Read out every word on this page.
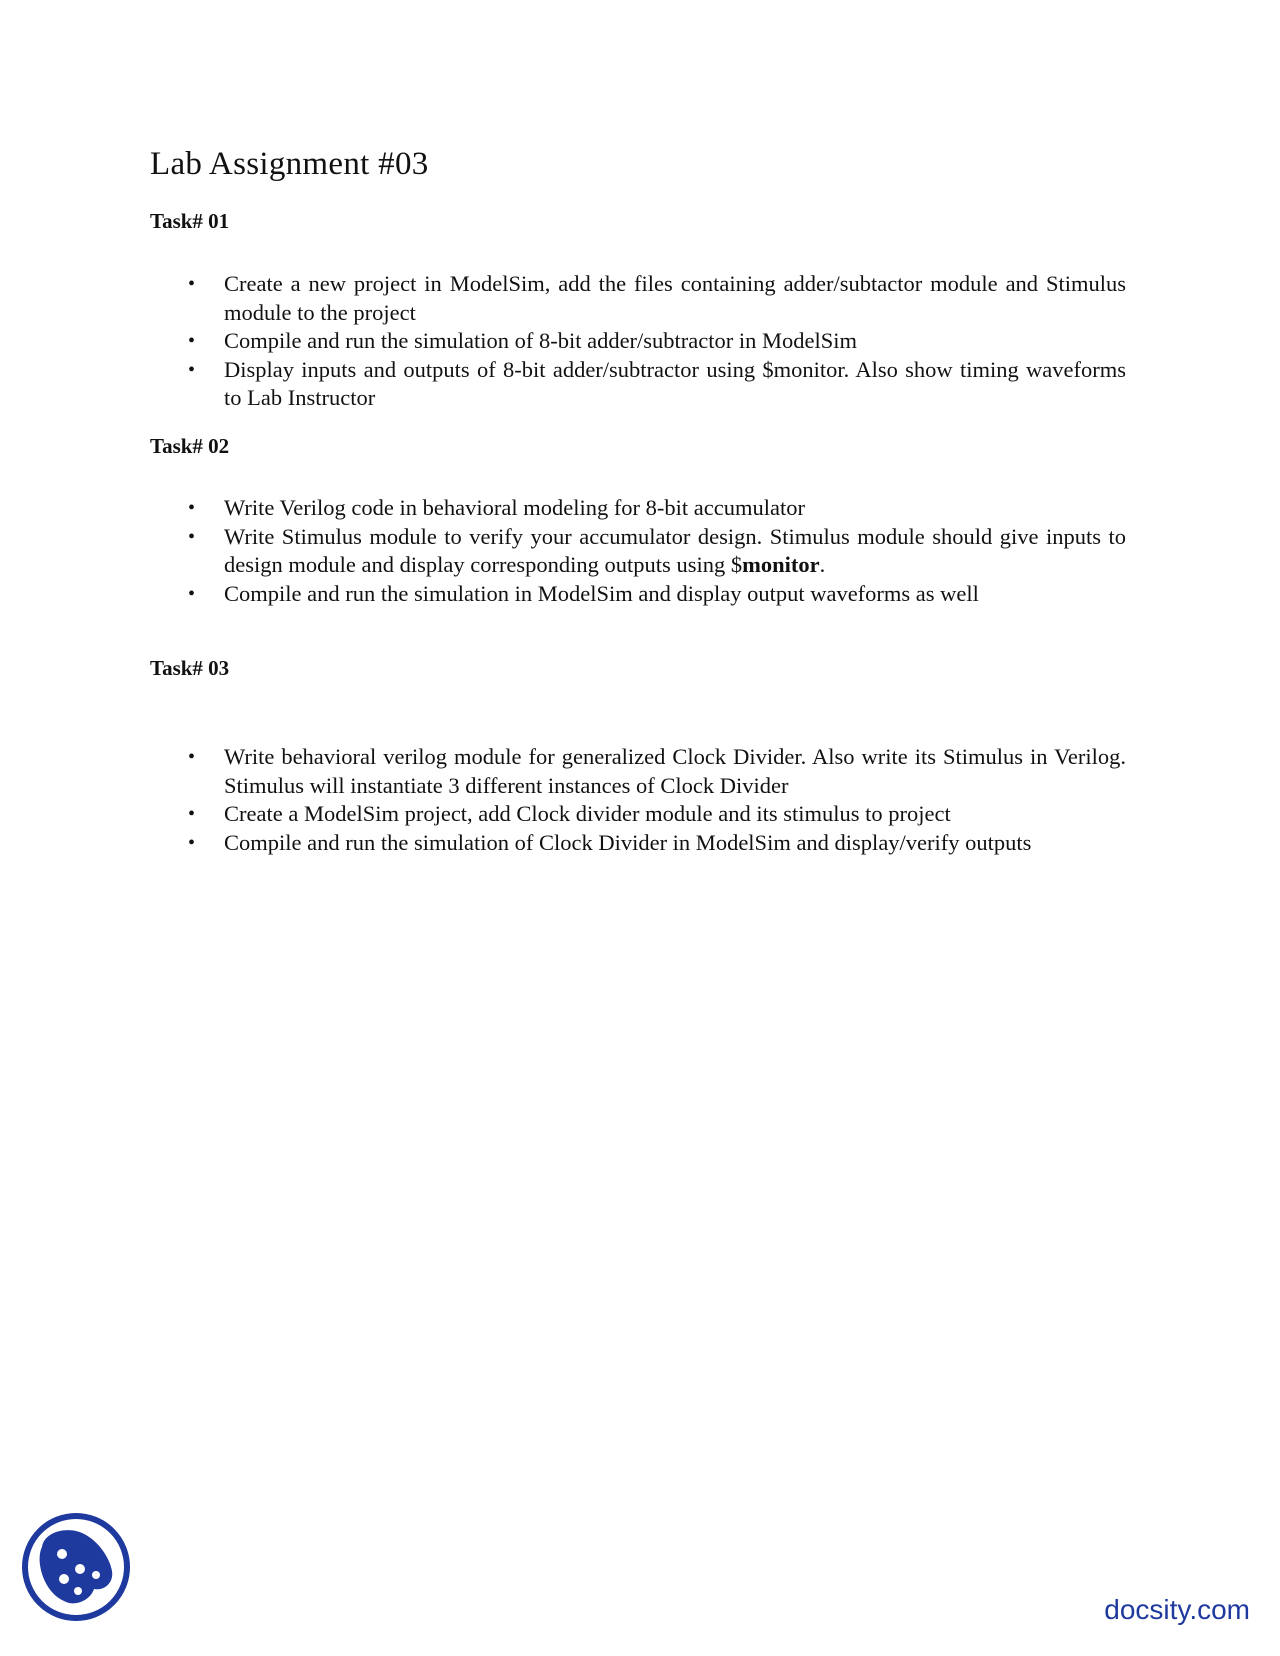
Lab Assignment #03
Task# 01
• Create a new project in ModelSim, add the files containing adder/subtactor module and Stimulus module to the project
• Compile and run the simulation of 8-bit adder/subtractor in ModelSim
• Display inputs and outputs of 8-bit adder/subtractor using $monitor. Also show timing waveforms to Lab Instructor
Task# 02
• Write Verilog code in behavioral modeling for 8-bit accumulator
• Write Stimulus module to verify your accumulator design. Stimulus module should give inputs to design module and display corresponding outputs using $monitor.
• Compile and run the simulation in ModelSim and display output waveforms as well
Task# 03
• Write behavioral verilog module for generalized Clock Divider. Also write its Stimulus in Verilog. Stimulus will instantiate 3 different instances of Clock Divider
• Create a ModelSim project, add Clock divider module and its stimulus to project
• Compile and run the simulation of Clock Divider in ModelSim and display/verify outputs
docsity.com
